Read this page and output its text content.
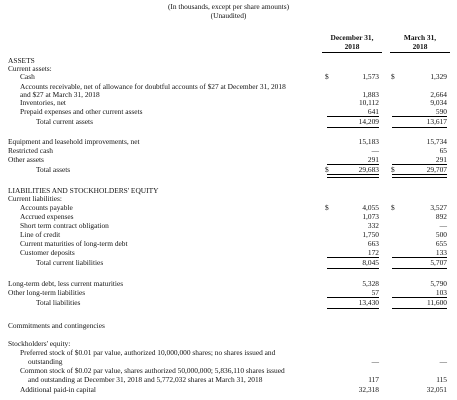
(In thousands, except per share amounts)
(Unaudited)
December 31,
2018
March 31,
2018
ASSETS
Current assets:
Cash	$	1,573 $	1,329
Accounts receivable, net of allowance for doubtful accounts of $27 at December 31, 2018
and $27 at March 31, 2018	1,883	2,664
Inventories, net	10,112	9,034
Prepaid expenses and other current assets	641	590
Total current assets	14,209	13,617
Equipment and leasehold improvements, net	15,183	15,734
Restricted cash	—	65
Other assets	291	291
Total assets	$	29,683 $	29,707
LIABILITIES AND STOCKHOLDERS' EQUITY
Current liabilities:
Accounts payable	$	4,055 $	3,527
Accrued expenses	1,073	892
Short term contract obligation	332	—
Line of credit	1,750	500
Current maturities of long-term debt	663	655
Customer deposits	172	133
Total current liabilities	8,045	5,707
Long-term debt, less current maturities	5,328	5,790
Other long-term liabilities	57	103
Total liabilities	13,430	11,600
Commitments and contingencies
Stockholders' equity:
Preferred stock of $0.01 par value, authorized 10,000,000 shares; no shares issued and
outstanding	—	—
Common stock of $0.02 par value, shares authorized 50,000,000; 5,836,110 shares issued
and outstanding at December 31, 2018 and 5,772,032 shares at March 31, 2018	117	115
Additional paid-in capital	32,318	32,051
